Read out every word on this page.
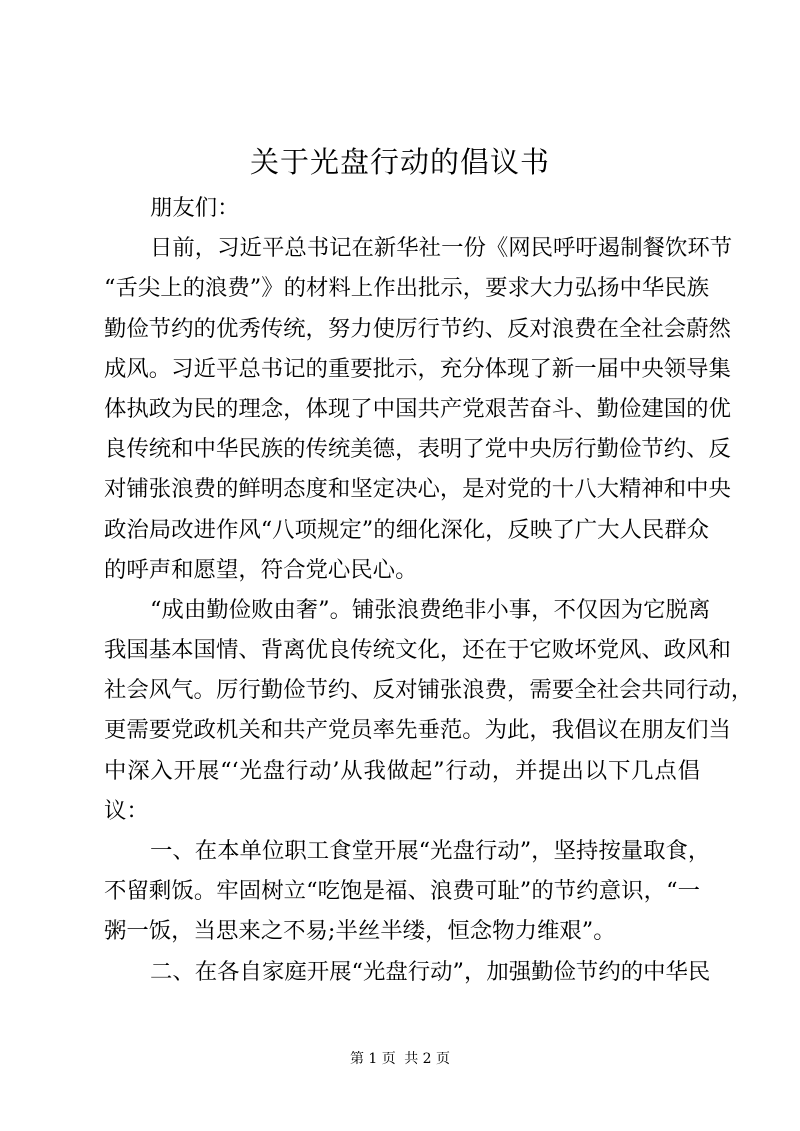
关于光盘行动的倡议书
朋友们：
日前，习近平总书记在新华社一份《网民呼吁遏制餐饮环节
“舌尖上的浪费”》的材料上作出批示，要求大力弘扬中华民族
勤俭节约的优秀传统，努力使厉行节约、反对浪费在全社会蔚然
成风。习近平总书记的重要批示，充分体现了新一届中央领导集
体执政为民的理念，体现了中国共产党艰苦奋斗、勤俭建国的优
良传统和中华民族的传统美德，表明了党中央厉行勤俭节约、反
对铺张浪费的鲜明态度和坚定决心，是对党的十八大精神和中央
政治局改进作风“八项规定”的细化深化，反映了广大人民群众
的呼声和愿望，符合党心民心。
“成由勤俭败由奢”。铺张浪费绝非小事，不仅因为它脱离
我国基本国情、背离优良传统文化，还在于它败坏党风、政风和
社会风气。厉行勤俭节约、反对铺张浪费，需要全社会共同行动，
更需要党政机关和共产党员率先垂范。为此，我倡议在朋友们当
中深入开展“‘光盘行动’从我做起”行动，并提出以下几点倡
议：
一、在本单位职工食堂开展“光盘行动”，坚持按量取食，
不留剩饭。牢固树立“吃饱是福、浪费可耻”的节约意识，“一
粥一饭，当思来之不易;半丝半缕，恒念物力维艰”。
二、在各自家庭开展“光盘行动”，加强勤俭节约的中华民
第 1 页 共 2 页
